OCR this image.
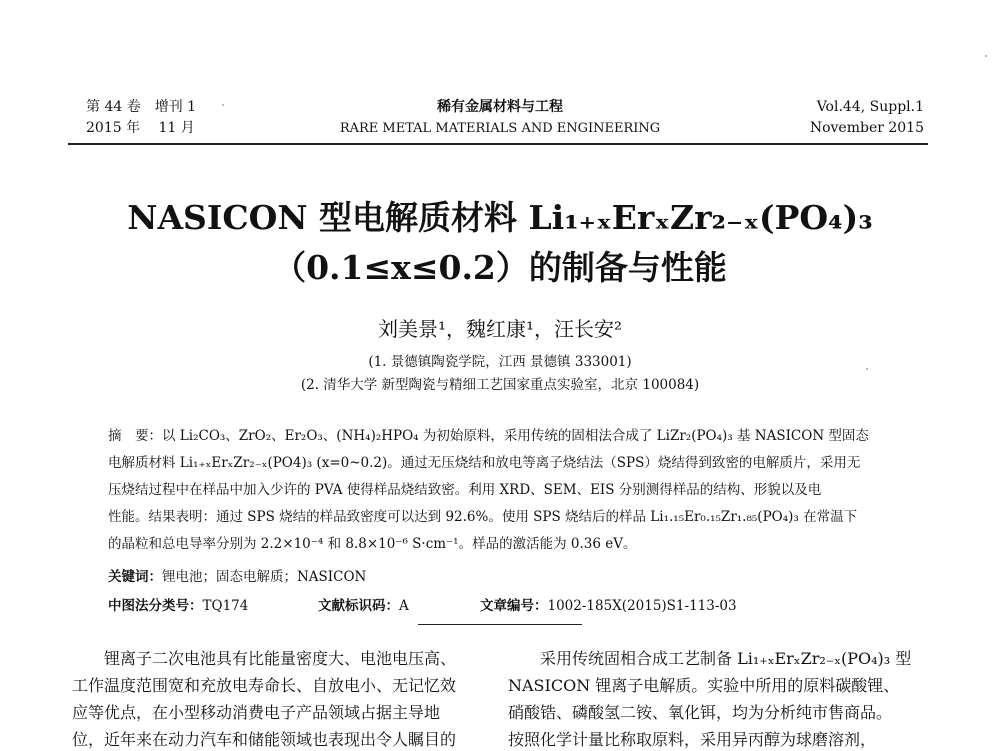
第 44 卷　增刊 1
2015 年　 11 月
稀有金属材料与工程
RARE METAL MATERIALS AND ENGINEERING
Vol.44, Suppl.1
November 2015
NASICON 型电解质材料 Li₁₊ₓErₓZr₂₋ₓ(PO₄)₃
（0.1≤x≤0.2）的制备与性能
刘美景¹，魏红康¹，汪长安²
(1. 景德镇陶瓷学院，江西 景德镇 333001)
(2. 清华大学 新型陶瓷与精细工艺国家重点实验室，北京 100084)
摘　要：以 Li₂CO₃、ZrO₂、Er₂O₃、(NH₄)₂HPO₄ 为初始原料，采用传统的固相法合成了 LiZr₂(PO₄)₃ 基 NASICON 型固态
电解质材料 Li₁₊ₓErₓZr₂₋ₓ(PO4)₃ (x=0~0.2)。通过无压烧结和放电等离子烧结法（SPS）烧结得到致密的电解质片，采用无
压烧结过程中在样品中加入少许的 PVA 使得样品烧结致密。利用 XRD、SEM、EIS 分别测得样品的结构、形貌以及电
性能。结果表明：通过 SPS 烧结的样品致密度可以达到 92.6%。使用 SPS 烧结后的样品 Li₁.₁₅Er₀.₁₅Zr₁.₈₅(PO₄)₃ 在常温下
的晶粒和总电导率分别为 2.2×10⁻⁴ 和 8.8×10⁻⁶ S·cm⁻¹。样品的激活能为 0.36 eV。
关键词：锂电池；固态电解质；NASICON
中图法分类号：TQ174	文献标识码：A	文章编号：1002-185X(2015)S1-113-03
　　锂离子二次电池具有比能量密度大、电池电压高、
工作温度范围宽和充放电寿命长、自放电小、无记忆效
应等优点，在小型移动消费电子产品领域占据主导地
位，近年来在动力汽车和储能领域也表现出令人瞩目的
　　采用传统固相合成工艺制备 Li₁₊ₓErₓZr₂₋ₓ(PO₄)₃ 型
NASICON 锂离子电解质。实验中所用的原料碳酸锂、
硝酸锆、磷酸氢二铵、氧化铒，均为分析纯市售商品。
按照化学计量比称取原料，采用异丙醇为球磨溶剂，
